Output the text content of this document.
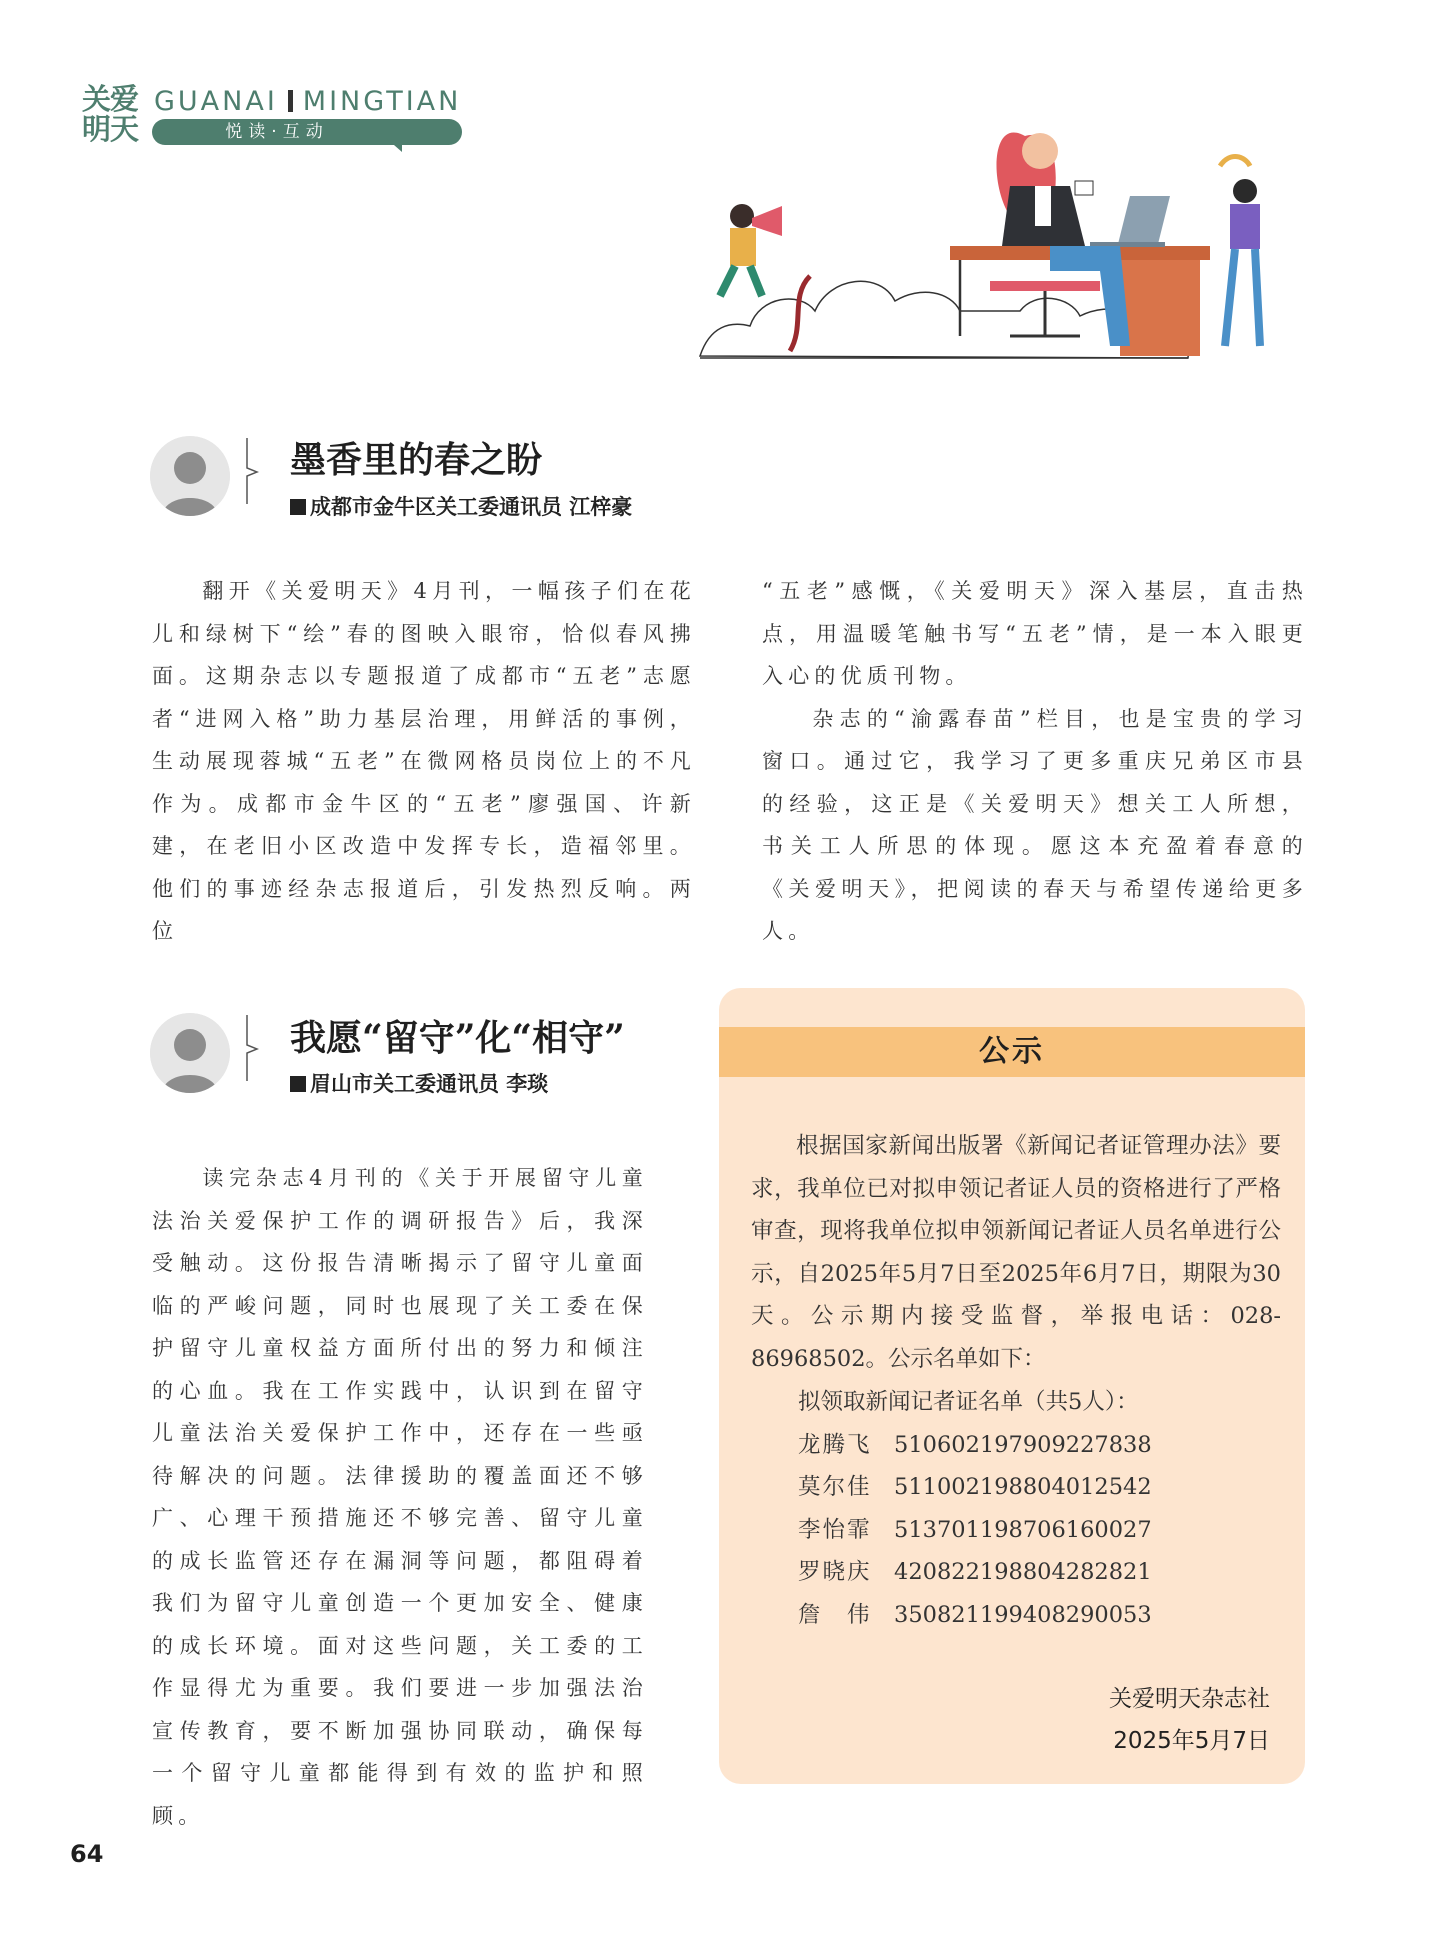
关爱
明天
GUANAI MINGTIAN
悦读·互动
墨香里的春之盼
成都市金牛区关工委通讯员 江梓豪

翻开《关爱明天》4月刊，一幅孩子们在花儿和绿树下“绘”春的图映入眼帘，恰似春风拂面。这期杂志以专题报道了成都市“五老”志愿者“进网入格”助力基层治理，用鲜活的事例，生动展现蓉城“五老”在微网格员岗位上的不凡作为。成都市金牛区的“五老”廖强国、许新建，在老旧小区改造中发挥专长，造福邻里。他们的事迹经杂志报道后，引发热烈反响。两位

“五老”感慨，《关爱明天》深入基层，直击热点，用温暖笔触书写“五老”情，是一本入眼更入心的优质刊物。

杂志的“渝露春苗”栏目，也是宝贵的学习窗口。通过它，我学习了更多重庆兄弟区市县的经验，这正是《关爱明天》想关工人所想，书关工人所思的体现。愿这本充盈着春意的《关爱明天》，把阅读的春天与希望传递给更多人。

我愿“留守”化“相守”
眉山市关工委通讯员 李琰

读完杂志4月刊的《关于开展留守儿童法治关爱保护工作的调研报告》后，我深受触动。这份报告清晰揭示了留守儿童面临的严峻问题，同时也展现了关工委在保护留守儿童权益方面所付出的努力和倾注的心血。我在工作实践中，认识到在留守儿童法治关爱保护工作中，还存在一些亟待解决的问题。法律援助的覆盖面还不够广、心理干预措施还不够完善、留守儿童的成长监管还存在漏洞等问题，都阻碍着我们为留守儿童创造一个更加安全、健康的成长环境。面对这些问题，关工委的工作显得尤为重要。我们要进一步加强法治宣传教育，要不断加强协同联动，确保每一个留守儿童都能得到有效的监护和照顾。

公示

根据国家新闻出版署《新闻记者证管理办法》要求，我单位已对拟申领记者证人员的资格进行了严格审查，现将我单位拟申领新闻记者证人员名单进行公示，自2025年5月7日至2025年6月7日，期限为30天。公示期内接受监督，举报电话：028-86968502。公示名单如下：

拟领取新闻记者证名单（共5人）：
龙腾飞 510602197909227838
莫尔佳 511002198804012542
李怡霏 513701198706160027
罗晓庆 420822198804282821
詹　伟 350821199408290053
关爱明天杂志社
2025年5月7日
64
